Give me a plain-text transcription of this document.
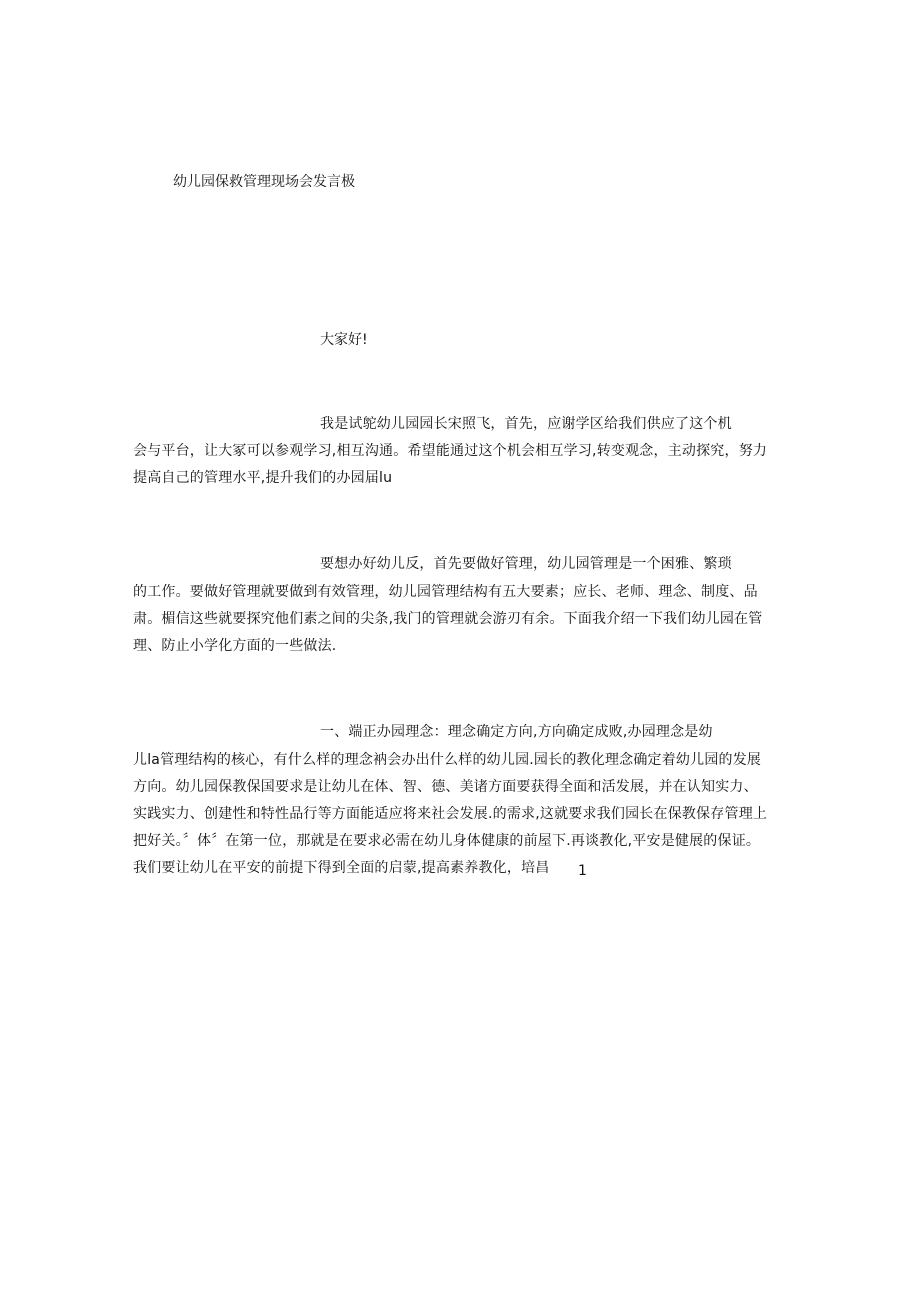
幼儿园保救管理现场会发言极
大家好!
我是试鸵幼儿园园长宋照飞，首先，应谢学区给我们供应了这个机
会与平台，让大冢可以参观学习,相互沟通。希望能通过这个机会相互学习,转变观念，主动探究，努力
提高自己的管理水平,提升我们的办园届lu
要想办好幼儿反，首先要做好管理，幼儿园管理是一个困雅、繁琐
的工作。要做好管理就要做到有效管理，幼儿园管理结构有五大要素；应长、老师、理念、制度、品
肃。楣信这些就要探究他们素之间的尖条,我门的管理就会游刃有余。下面我介绍一下我们幼儿园在管
理、防止小学化方面的一些做法.
一、端正办园理念：理念确定方向,方向确定成败,办园理念是幼
儿la管理结构的核心，有什么样的理念衲会办出什么样的幼儿园.园长的教化理念确定着幼儿园的发展
方向。幼儿园保教保国要求是让幼儿在体、智、德、美诸方面要获得全面和活发展，并在认知实力、
实践实力、创建性和特性品行等方面能适应将来社会发展.的需求,这就要求我们园长在保教保存管理上
把好关。〞体〞在第一位，那就是在要求必需在幼儿身体健康的前屋下.再谈教化,平安是健展的保证。
我们要让幼儿在平安的前提下得到全面的启蒙,提高素养教化，培昌 1
